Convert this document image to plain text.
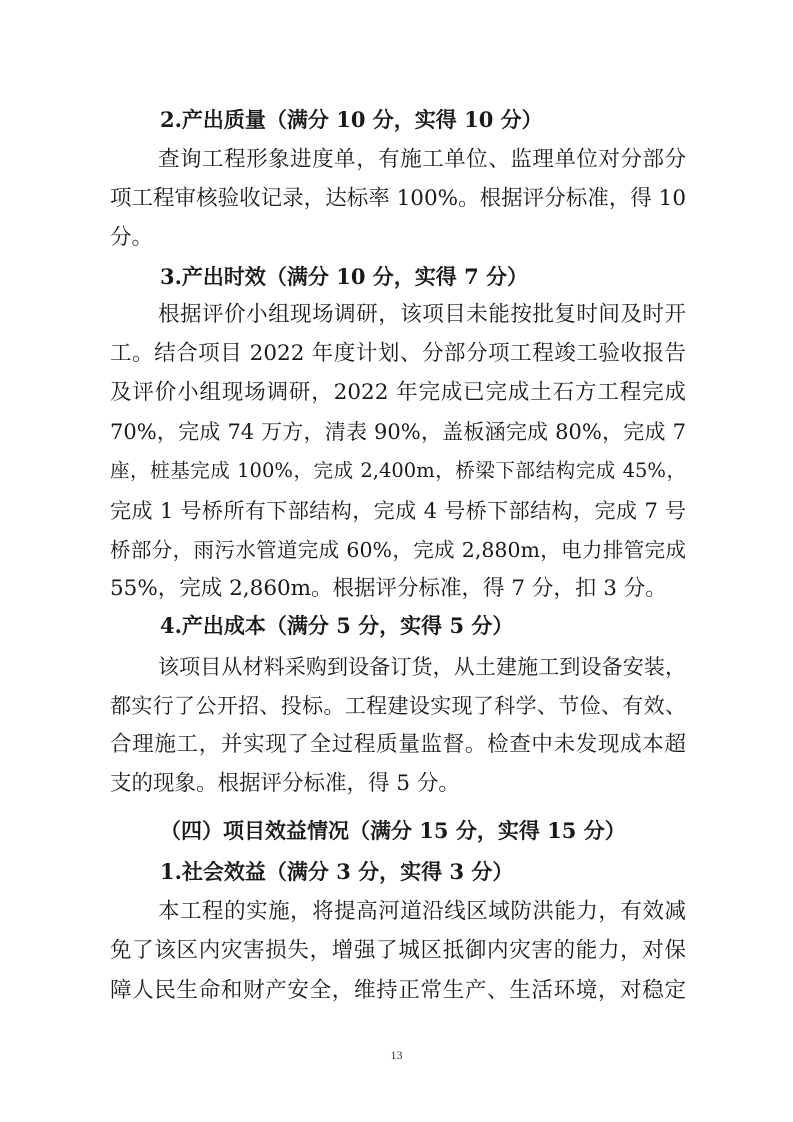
2.产出质量（满分 10 分，实得 10 分）
查询工程形象进度单，有施工单位、监理单位对分部分
项工程审核验收记录，达标率 100%。根据评分标准，得 10
分。
3.产出时效（满分 10 分，实得 7 分）
根据评价小组现场调研，该项目未能按批复时间及时开
工。结合项目 2022 年度计划、分部分项工程竣工验收报告
及评价小组现场调研，2022 年完成已完成土石方工程完成
70%，完成 74 万方，清表 90%，盖板涵完成 80%，完成 7
座，桩基完成 100%，完成 2,400m，桥梁下部结构完成 45%，
完成 1 号桥所有下部结构，完成 4 号桥下部结构，完成 7 号
桥部分，雨污水管道完成 60%，完成 2,880m，电力排管完成
55%，完成 2,860m。根据评分标准，得 7 分，扣 3 分。
4.产出成本（满分 5 分，实得 5 分）
该项目从材料采购到设备订货，从土建施工到设备安装，
都实行了公开招、投标。工程建设实现了科学、节俭、有效、
合理施工，并实现了全过程质量监督。检查中未发现成本超
支的现象。根据评分标准，得 5 分。
（四）项目效益情况（满分 15 分，实得 15 分）
1.社会效益（满分 3 分，实得 3 分）
本工程的实施，将提高河道沿线区域防洪能力，有效减
免了该区内灾害损失，增强了城区抵御内灾害的能力，对保
障人民生命和财产安全，维持正常生产、生活环境，对稳定
13
